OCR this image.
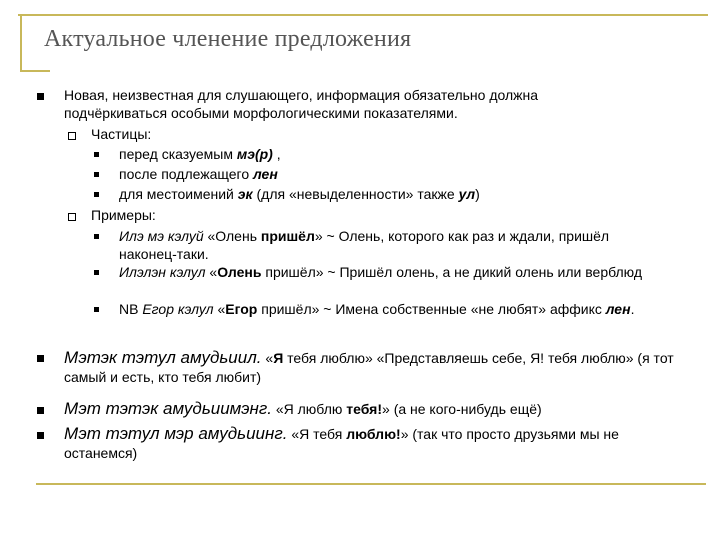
Актуальное членение предложения
Новая, неизвестная для слушающего, информация обязательно должна подчёркиваться особыми морфологическими показателями.
Частицы:
перед сказуемым мэ(р) ,
после подлежащего лен
для местоимений эк (для «невыделенности» также ул)
Примеры:
Илэ мэ кэлуй «Олень пришёл» ~ Олень, которого как раз и ждали, пришёл наконец-таки.
Илэлэн кэлул «Олень пришёл» ~ Пришёл олень, а не дикий олень или верблюд
NB Егор кэлул «Егор пришёл» ~ Имена собственные «не любят» аффикс лен.
Мэтэк тэтул амудьиил. «Я тебя люблю» «Представляешь себе, Я! тебя люблю» (я тот самый и есть, кто тебя любит)
Мэт тэтэк амудьиимэнг. «Я люблю тебя!» (а не кого-нибудь ещё)
Мэт тэтул мэр амудьиинг. «Я тебя люблю!» (так что просто друзьями мы не останемся)
